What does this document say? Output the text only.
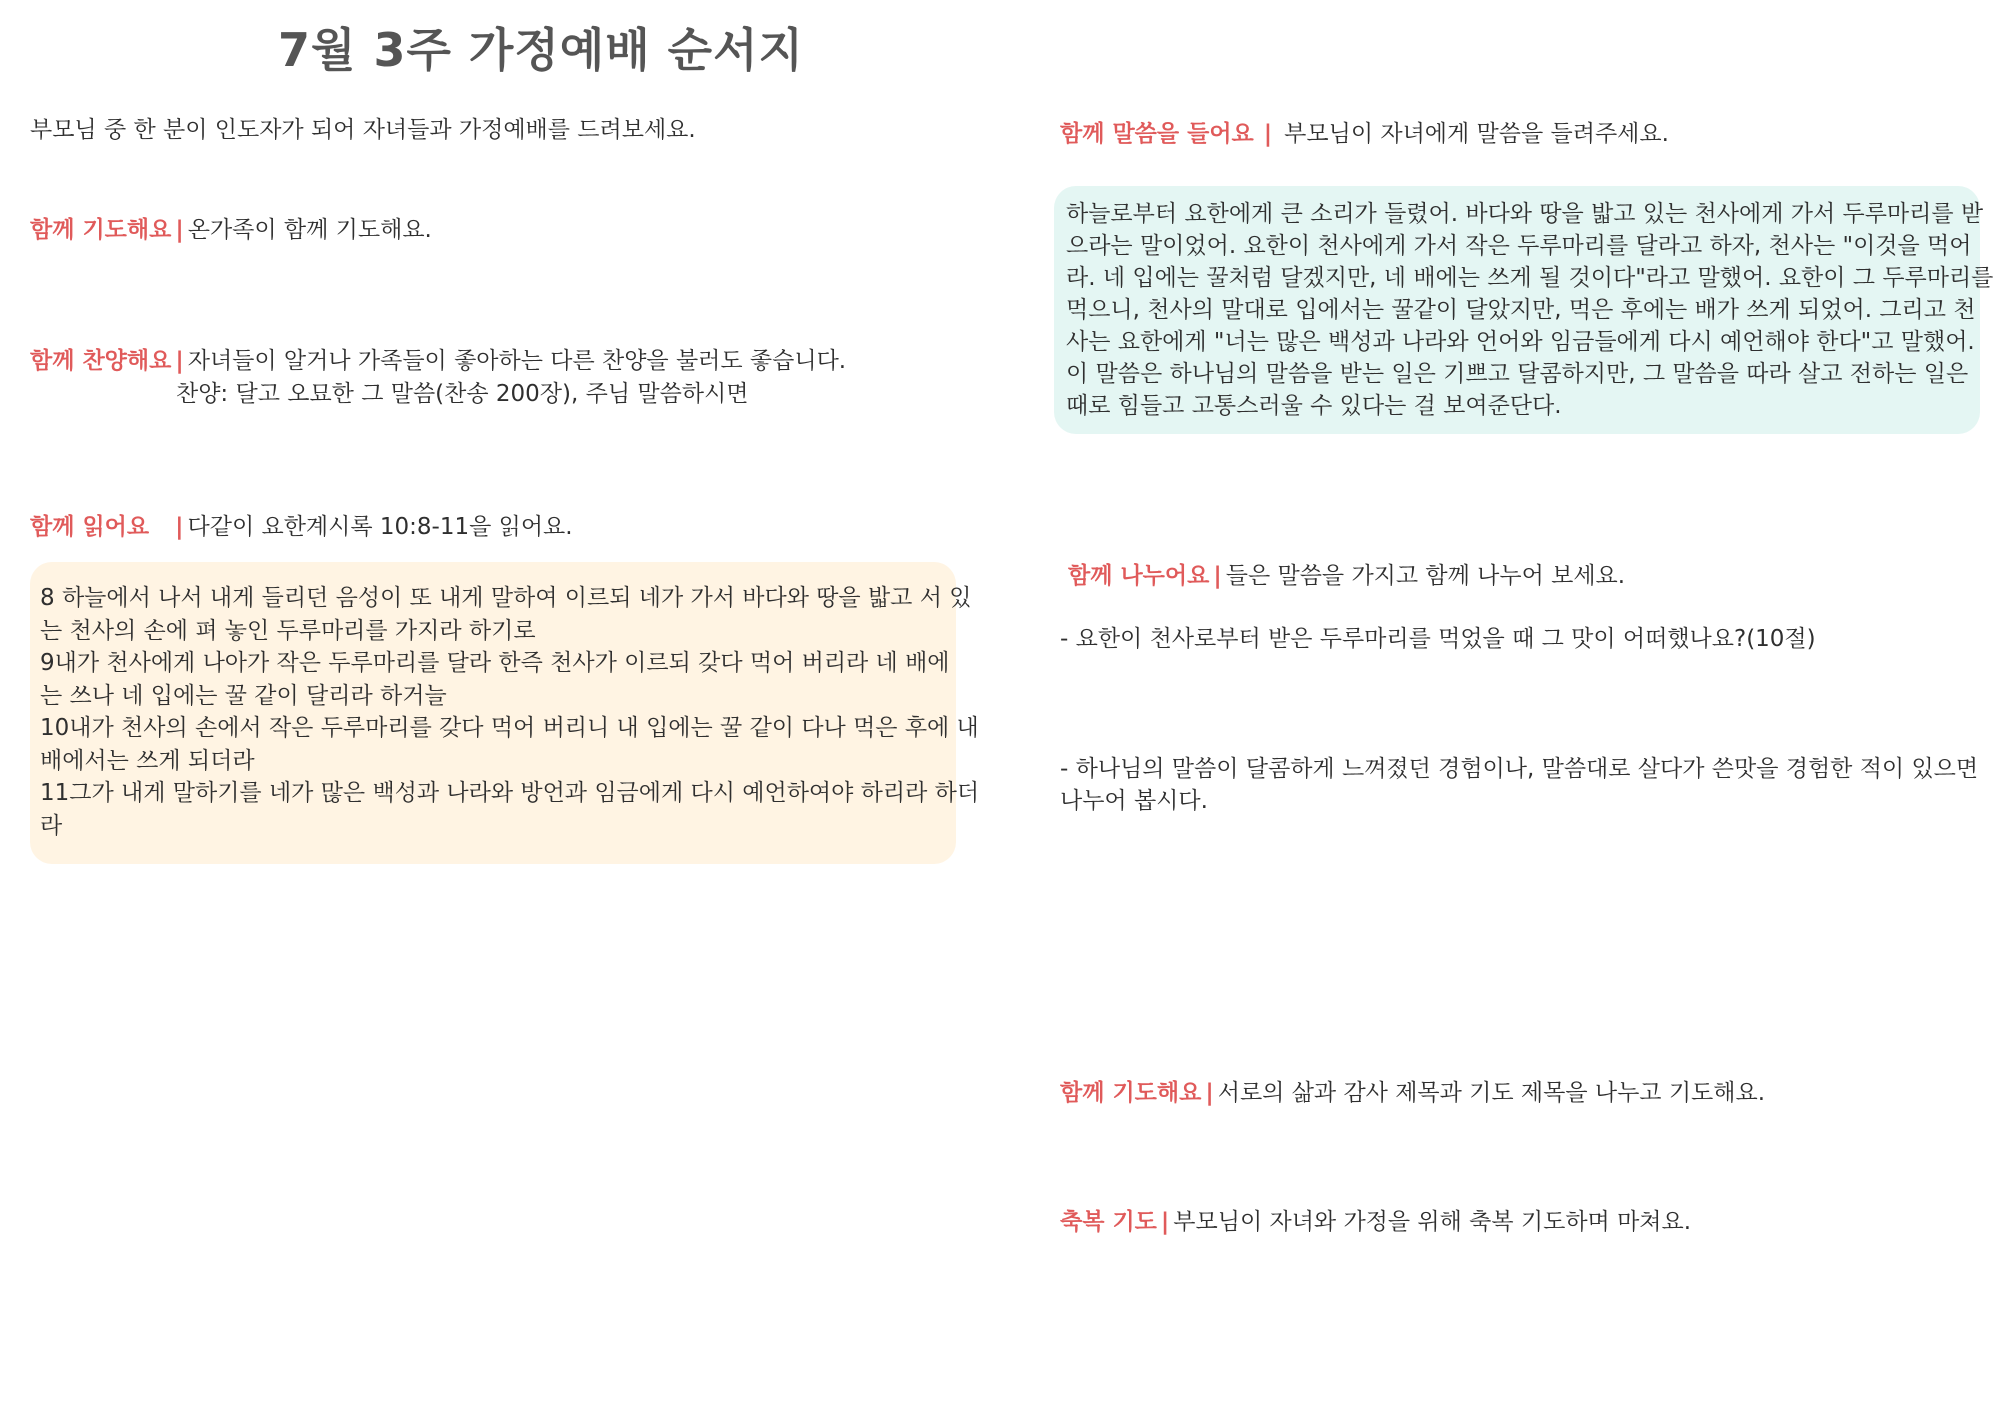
7월 3주 가정예배 순서지
부모님 중 한 분이 인도자가 되어 자녀들과 가정예배를 드려보세요.
함께 기도해요 | 온가족이 함께 기도해요.
함께 찬양해요 | 자녀들이 알거나 가족들이 좋아하는 다른 찬양을 불러도 좋습니다.
찬양: 달고 오묘한 그 말씀(찬송 200장), 주님 말씀하시면
함께 읽어요 | 다같이 요한계시록 10:8-11을 읽어요.

8 하늘에서 나서 내게 들리던 음성이 또 내게 말하여 이르되 네가 가서 바다와 땅을 밟고 서 있

는 천사의 손에 펴 놓인 두루마리를 가지라 하기로

9내가 천사에게 나아가 작은 두루마리를 달라 한즉 천사가 이르되 갖다 먹어 버리라 네 배에

는 쓰나 네 입에는 꿀 같이 달리라 하거늘

10내가 천사의 손에서 작은 두루마리를 갖다 먹어 버리니 내 입에는 꿀 같이 다나 먹은 후에 내

배에서는 쓰게 되더라

11그가 내게 말하기를 네가 많은 백성과 나라와 방언과 임금에게 다시 예언하여야 하리라 하더

라

함께 말씀을 들어요 | 부모님이 자녀에게 말씀을 들려주세요.

하늘로부터 요한에게 큰 소리가 들렸어. 바다와 땅을 밟고 있는 천사에게 가서 두루마리를 받

으라는 말이었어. 요한이 천사에게 가서 작은 두루마리를 달라고 하자, 천사는 "이것을 먹어

라. 네 입에는 꿀처럼 달겠지만, 네 배에는 쓰게 될 것이다"라고 말했어. 요한이 그 두루마리를

먹으니, 천사의 말대로 입에서는 꿀같이 달았지만, 먹은 후에는 배가 쓰게 되었어. 그리고 천

사는 요한에게 "너는 많은 백성과 나라와 언어와 임금들에게 다시 예언해야 한다"고 말했어.

이 말씀은 하나님의 말씀을 받는 일은 기쁘고 달콤하지만, 그 말씀을 따라 살고 전하는 일은

때로 힘들고 고통스러울 수 있다는 걸 보여준단다.

함께 나누어요 | 들은 말씀을 가지고 함께 나누어 보세요.
- 요한이 천사로부터 받은 두루마리를 먹었을 때 그 맛이 어떠했나요?(10절)
- 하나님의 말씀이 달콤하게 느껴졌던 경험이나, 말씀대로 살다가 쓴맛을 경험한 적이 있으면
나누어 봅시다.
함께 기도해요 | 서로의 삶과 감사 제목과 기도 제목을 나누고 기도해요.
축복 기도 | 부모님이 자녀와 가정을 위해 축복 기도하며 마쳐요.
